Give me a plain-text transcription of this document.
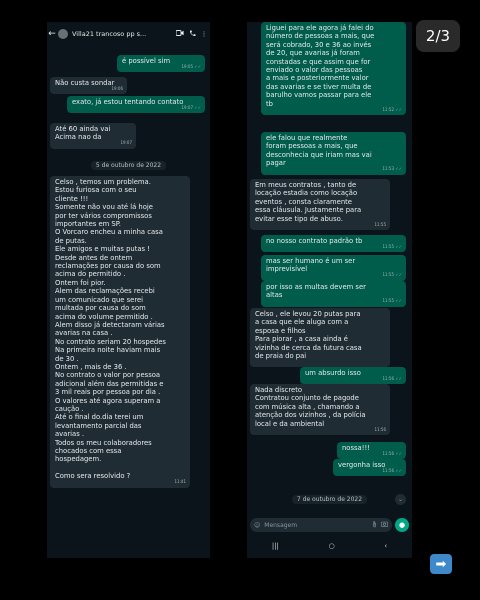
2/3
← Villa21 trancoso pp s...	⋮
é possível sim
19:05 ✓✓
Não custa sondar
19:06
exato, já estou tentando contato
19:07 ✓✓
Até 60 ainda vai
Acima nao da
19:07
Celso , temos um problema.
Estou furiosa com o seu
cliente !!!
Somente não vou até lá hoje
por ter vários compromissos
importantes em SP.
O Vorcaro encheu a minha casa
de putas.
Ele amigos e muitas putas !
Desde antes de ontem
reclamações por causa do som
acima do permitido .
Ontem foi pior.
Alem das reclamações recebi
um comunicado que serei
multada por causa do som
acima do volume permitido .
Alem disso já detectaram várias
avarias na casa .
No contrato seriam 20 hospedes
Na primeira noite haviam mais
de 30 .
Ontem , mais de 36 .
No contrato o valor por pessoa
adicional além das permitidas e
3 mil reais por pessoa por dia .
O valores até agora superam a
caução .
Até o final do.dia terei um
levantamento parcial das
avarias .
Todos os meu colaboradores
chocados com essa
hospedagem.

Como sera resolvido ?
11:41
5 de outubro de 2022
Liguei para ele agora já falei do
número de pessoas a mais, que
será cobrado, 30 e 36 ao invés
de 20, que avarias já foram
constadas e que assim que for
enviado o valor das pessoas
a mais e posteriormente valor
das avarias e se tiver multa de
barulho vamos passar para ele
tb
11:52 ✓✓
ele falou que realmente
foram pessoas a mais, que
desconhecia que iriam mas vai
pagar
11:53 ✓✓
Em meus contratos , tanto de
locação estadia como locação
eventos , consta claramente
essa cláusula. Justamente para
evitar esse tipo de abuso.
11:55
no nosso contrato padrão tb
11:55 ✓✓
mas ser humano é um ser
imprevisível
11:55 ✓✓
por isso as multas devem ser
altas
11:55 ✓✓
Celso , ele levou 20 putas para
a casa que ele aluga com a
esposa e filhos
Para piorar , a casa ainda é
vizinha de cerca da futura casa
de praia do pai
um absurdo isso
11:56 ✓✓
Nada discreto
Contratou conjunto de pagode
com música alta , chamando a
atenção dos vizinhos , da polícia
local e da ambiental
11:56
nossa!!!
11:56 ✓✓
vergonha isso
11:56 ✓✓
⌄
7 de outubro de 2022
☺ Mensagem	●
|||	○	‹
➡
